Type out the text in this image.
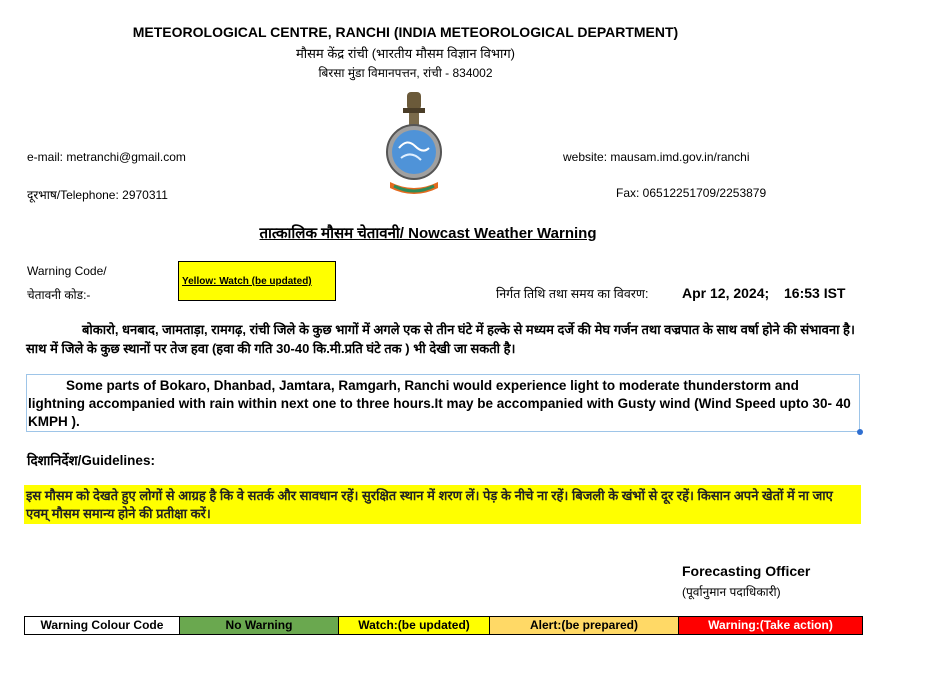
METEOROLOGICAL CENTRE, RANCHI (INDIA METEOROLOGICAL DEPARTMENT)
मौसम केंद्र रांची (भारतीय मौसम विज्ञान विभाग)
बिरसा मुंडा विमानपत्तन, रांची - 834002
e-mail: metranchi@gmail.com	website: mausam.imd.gov.in/ranchi
दूरभाष/Telephone: 2970311	Fax: 06512251709/2253879
तात्कालिक मौसम चेतावनी/ Nowcast Weather Warning
Warning Code/
चेतावनी कोड:-
Yellow: Watch (be updated)
निर्गत तिथि तथा समय का विवरण: Apr 12, 2024; 16:53 IST
बोकारो, धनबाद, जामताड़ा, रामगढ़, रांची जिले के कुछ भागों में अगले एक से तीन घंटे में हल्के से मध्यम दर्जे की मेघ गर्जन तथा वज्रपात के साथ वर्षा होने की संभावना है। साथ में जिले के कुछ स्थानों पर तेज हवा (हवा की गति 30-40 कि.मी.प्रति घंटे तक ) भी देखी जा सकती है।
Some parts of Bokaro, Dhanbad, Jamtara, Ramgarh, Ranchi would experience light to moderate thunderstorm and lightning accompanied with rain within next one to three hours.It may be accompanied with Gusty wind (Wind Speed upto 30- 40 KMPH ).
दिशानिर्देश/Guidelines:
इस मौसम को देखते हुए लोगों से आग्रह है कि वे सतर्क और सावधान रहें। सुरक्षित स्थान में शरण लें। पेड़ के नीचे ना रहें। बिजली के खंभों से दूर रहें। किसान अपने खेतों में ना जाए एवम् मौसम समान्य होने की प्रतीक्षा करें।
Forecasting Officer
(पूर्वानुमान पदाधिकारी)
Warning Colour Code	No Warning	Watch:(be updated)	Alert:(be prepared)	Warning:(Take action)
